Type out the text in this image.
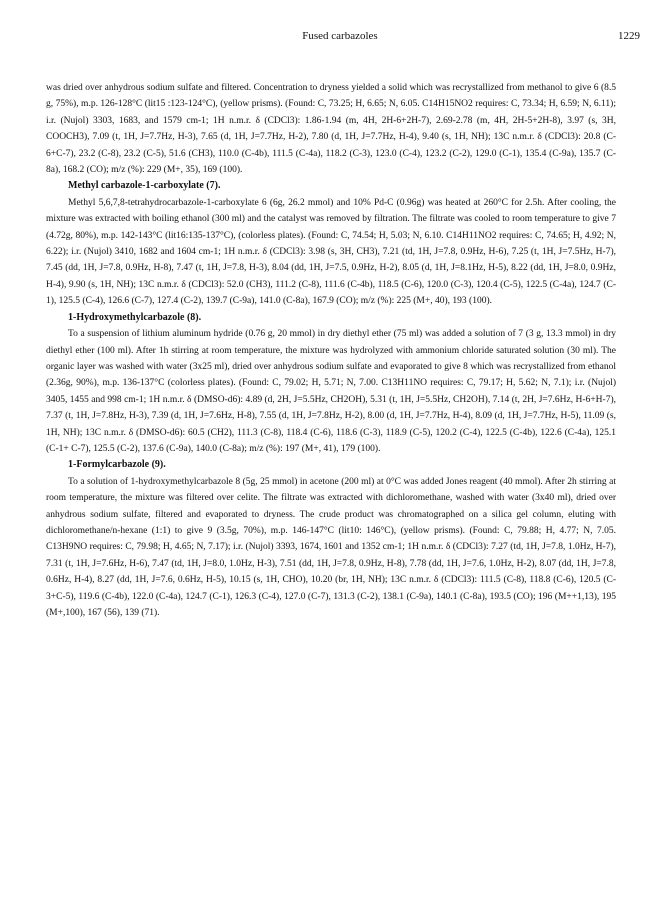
Fused carbazoles	1229

was dried over anhydrous sodium sulfate and filtered. Concentration to dryness yielded a solid which was recrystallized from methanol to give 6 (8.5 g, 75%), m.p. 126-128°C (lit15 :123-124°C), (yellow prisms). (Found: C, 73.25; H, 6.65; N, 6.05. C14H15NO2 requires: C, 73.34; H, 6.59; N, 6.11); i.r. (Nujol) 3303, 1683, and 1579 cm-1; 1H n.m.r. δ (CDCl3): 1.86-1.94 (m, 4H, 2H-6+2H-7), 2.69-2.78 (m, 4H, 2H-5+2H-8), 3.97 (s, 3H, COOCH3), 7.09 (t, 1H, J=7.7Hz, H-3), 7.65 (d, 1H, J=7.7Hz, H-2), 7.80 (d, 1H, J=7.7Hz, H-4), 9.40 (s, 1H, NH); 13C n.m.r. δ (CDCl3): 20.8 (C-6+C-7), 23.2 (C-8), 23.2 (C-5), 51.6 (CH3), 110.0 (C-4b), 111.5 (C-4a), 118.2 (C-3), 123.0 (C-4), 123.2 (C-2), 129.0 (C-1), 135.4 (C-9a), 135.7 (C-8a), 168.2 (CO); m/z (%): 229 (M+, 35), 169 (100).

Methyl carbazole-1-carboxylate (7).

Methyl 5,6,7,8-tetrahydrocarbazole-1-carboxylate 6 (6g, 26.2 mmol) and 10% Pd-C (0.96g) was heated at 260°C for 2.5h. After cooling, the mixture was extracted with boiling ethanol (300 ml) and the catalyst was removed by filtration. The filtrate was cooled to room temperature to give 7 (4.72g, 80%), m.p. 142-143°C (lit16:135-137°C), (colorless plates). (Found: C, 74.54; H, 5.03; N, 6.10. C14H11NO2 requires: C, 74.65; H, 4.92; N, 6.22); i.r. (Nujol) 3410, 1682 and 1604 cm-1; 1H n.m.r. δ (CDCl3): 3.98 (s, 3H, CH3), 7.21 (td, 1H, J=7.8, 0.9Hz, H-6), 7.25 (t, 1H, J=7.5Hz, H-7), 7.45 (dd, 1H, J=7.8, 0.9Hz, H-8), 7.47 (t, 1H, J=7.8, H-3), 8.04 (dd, 1H, J=7.5, 0.9Hz, H-2), 8.05 (d, 1H, J=8.1Hz, H-5), 8.22 (dd, 1H, J=8.0, 0.9Hz, H-4), 9.90 (s, 1H, NH); 13C n.m.r. δ (CDCl3): 52.0 (CH3), 111.2 (C-8), 111.6 (C-4b), 118.5 (C-6), 120.0 (C-3), 120.4 (C-5), 122.5 (C-4a), 124.7 (C-1), 125.5 (C-4), 126.6 (C-7), 127.4 (C-2), 139.7 (C-9a), 141.0 (C-8a), 167.9 (CO); m/z (%): 225 (M+, 40), 193 (100).

1-Hydroxymethylcarbazole (8).

To a suspension of lithium aluminum hydride (0.76 g, 20 mmol) in dry diethyl ether (75 ml) was added a solution of 7 (3 g, 13.3 mmol) in dry diethyl ether (100 ml). After 1h stirring at room temperature, the mixture was hydrolyzed with ammonium chloride saturated solution (30 ml). The organic layer was washed with water (3x25 ml), dried over anhydrous sodium sulfate and evaporated to give 8 which was recrystallized from ethanol (2.36g, 90%), m.p. 136-137°C (colorless plates). (Found: C, 79.02; H, 5.71; N, 7.00. C13H11NO requires: C, 79.17; H, 5.62; N, 7.1); i.r. (Nujol) 3405, 1455 and 998 cm-1; 1H n.m.r. δ (DMSO-d6): 4.89 (d, 2H, J=5.5Hz, CH2OH), 5.31 (t, 1H, J=5.5Hz, CH2OH), 7.14 (t, 2H, J=7.6Hz, H-6+H-7), 7.37 (t, 1H, J=7.8Hz, H-3), 7.39 (d, 1H, J=7.6Hz, H-8), 7.55 (d, 1H, J=7.8Hz, H-2), 8.00 (d, 1H, J=7.7Hz, H-4), 8.09 (d, 1H, J=7.7Hz, H-5), 11.09 (s, 1H, NH); 13C n.m.r. δ (DMSO-d6): 60.5 (CH2), 111.3 (C-8), 118.4 (C-6), 118.6 (C-3), 118.9 (C-5), 120.2 (C-4), 122.5 (C-4b), 122.6 (C-4a), 125.1 (C-1+ C-7), 125.5 (C-2), 137.6 (C-9a), 140.0 (C-8a); m/z (%): 197 (M+, 41), 179 (100).

1-Formylcarbazole (9).

To a solution of 1-hydroxymethylcarbazole 8 (5g, 25 mmol) in acetone (200 ml) at 0°C was added Jones reagent (40 mmol). After 2h stirring at room temperature, the mixture was filtered over celite. The filtrate was extracted with dichloromethane, washed with water (3x40 ml), dried over anhydrous sodium sulfate, filtered and evaporated to dryness. The crude product was chromatographed on a silica gel column, eluting with dichloromethane/n-hexane (1:1) to give 9 (3.5g, 70%), m.p. 146-147°C (lit10: 146°C), (yellow prisms). (Found: C, 79.88; H, 4.77; N, 7.05. C13H9NO requires: C, 79.98; H, 4.65; N, 7.17); i.r. (Nujol) 3393, 1674, 1601 and 1352 cm-1; 1H n.m.r. δ (CDCl3): 7.27 (td, 1H, J=7.8, 1.0Hz, H-7), 7.31 (t, 1H, J=7.6Hz, H-6), 7.47 (td, 1H, J=8.0, 1.0Hz, H-3), 7.51 (dd, 1H, J=7.8, 0.9Hz, H-8), 7.78 (dd, 1H, J=7.6, 1.0Hz, H-2), 8.07 (dd, 1H, J=7.8, 0.6Hz, H-4), 8.27 (dd, 1H, J=7.6, 0.6Hz, H-5), 10.15 (s, 1H, CHO), 10.20 (br, 1H, NH); 13C n.m.r. δ (CDCl3): 111.5 (C-8), 118.8 (C-6), 120.5 (C-3+C-5), 119.6 (C-4b), 122.0 (C-4a), 124.7 (C-1), 126.3 (C-4), 127.0 (C-7), 131.3 (C-2), 138.1 (C-9a), 140.1 (C-8a), 193.5 (CO); 196 (M++1,13), 195 (M+,100), 167 (56), 139 (71).
